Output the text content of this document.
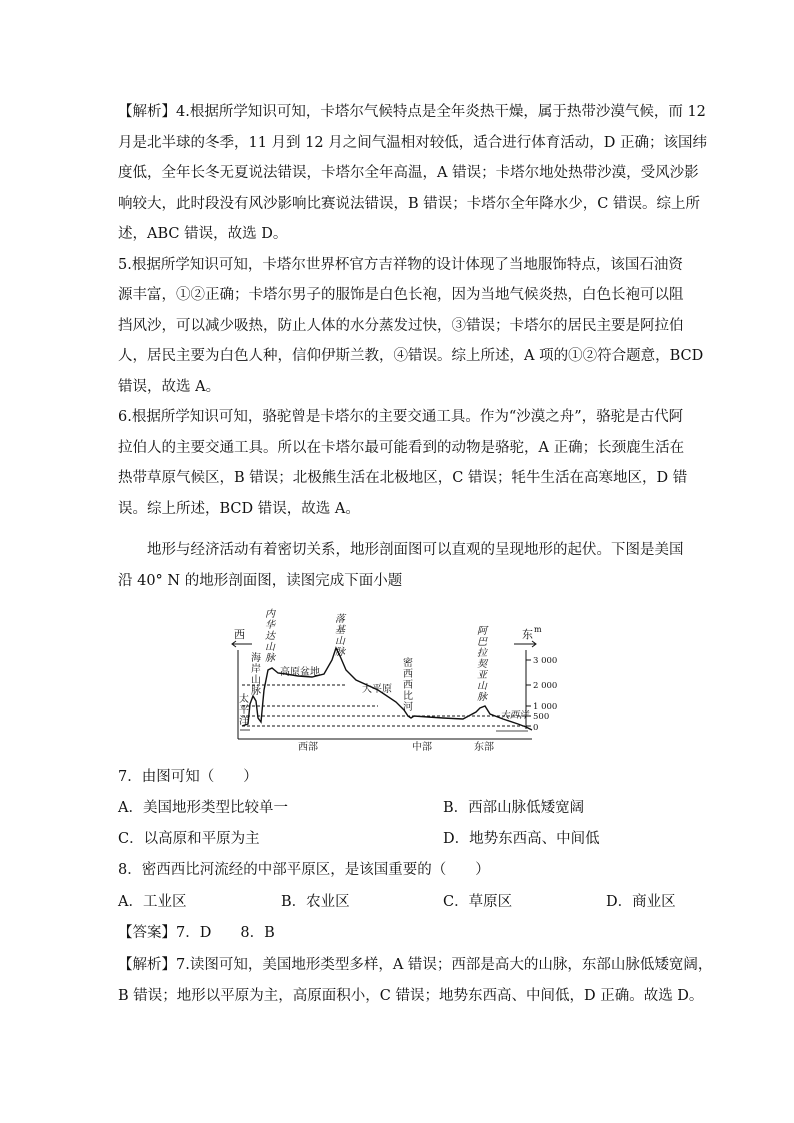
【解析】4.根据所学知识可知，卡塔尔气候特点是全年炎热干燥，属于热带沙漠气候，而 12
月是北半球的冬季，11 月到 12 月之间气温相对较低，适合进行体育活动，D 正确；该国纬
度低，全年长冬无夏说法错误，卡塔尔全年高温，A 错误；卡塔尔地处热带沙漠，受风沙影
响较大，此时段没有风沙影响比赛说法错误，B 错误；卡塔尔全年降水少，C 错误。综上所
述，ABC 错误，故选 D。
5.根据所学知识可知，卡塔尔世界杯官方吉祥物的设计体现了当地服饰特点，该国石油资
源丰富，①②正确；卡塔尔男子的服饰是白色长袍，因为当地气候炎热，白色长袍可以阻
挡风沙，可以减少吸热，防止人体的水分蒸发过快，③错误；卡塔尔的居民主要是阿拉伯
人，居民主要为白色人种，信仰伊斯兰教，④错误。综上所述，A 项的①②符合题意，BCD
错误，故选 A。
6.根据所学知识可知，骆驼曾是卡塔尔的主要交通工具。作为“沙漠之舟”，骆驼是古代阿
拉伯人的主要交通工具。所以在卡塔尔最可能看到的动物是骆驼，A 正确；长颈鹿生活在
热带草原气候区，B 错误；北极熊生活在北极地区，C 错误；牦牛生活在高寒地区，D 错
误。综上所述，BCD 错误，故选 A。

　　地形与经济活动有着密切关系，地形剖面图可以直观的呈现地形的起伏。下图是美国
沿 40° N 的地形剖面图，读图完成下面小题

西	东 m
3 000
2 000
1 000
500
0
太 平 洋
海 岸 山 脉
内 华 达 山 脉
高原盆地
落 基 山 脉
大平原
密 西 西 比 河
阿 巴 拉 契 亚 山 脉
大西洋
西部	中部	东部
7．由图可知（　　）
A．美国地形类型比较单一	B．西部山脉低矮宽阔
C．以高原和平原为主	D．地势东西高、中间低
8．密西西比河流经的中部平原区，是该国重要的（　　）
A．工业区	B．农业区	C．草原区	D．商业区
【答案】7．D　　8．B

【解析】7.读图可知，美国地形类型多样，A 错误；西部是高大的山脉，东部山脉低矮宽阔，
B 错误；地形以平原为主，高原面积小，C 错误；地势东西高、中间低，D 正确。故选 D。
